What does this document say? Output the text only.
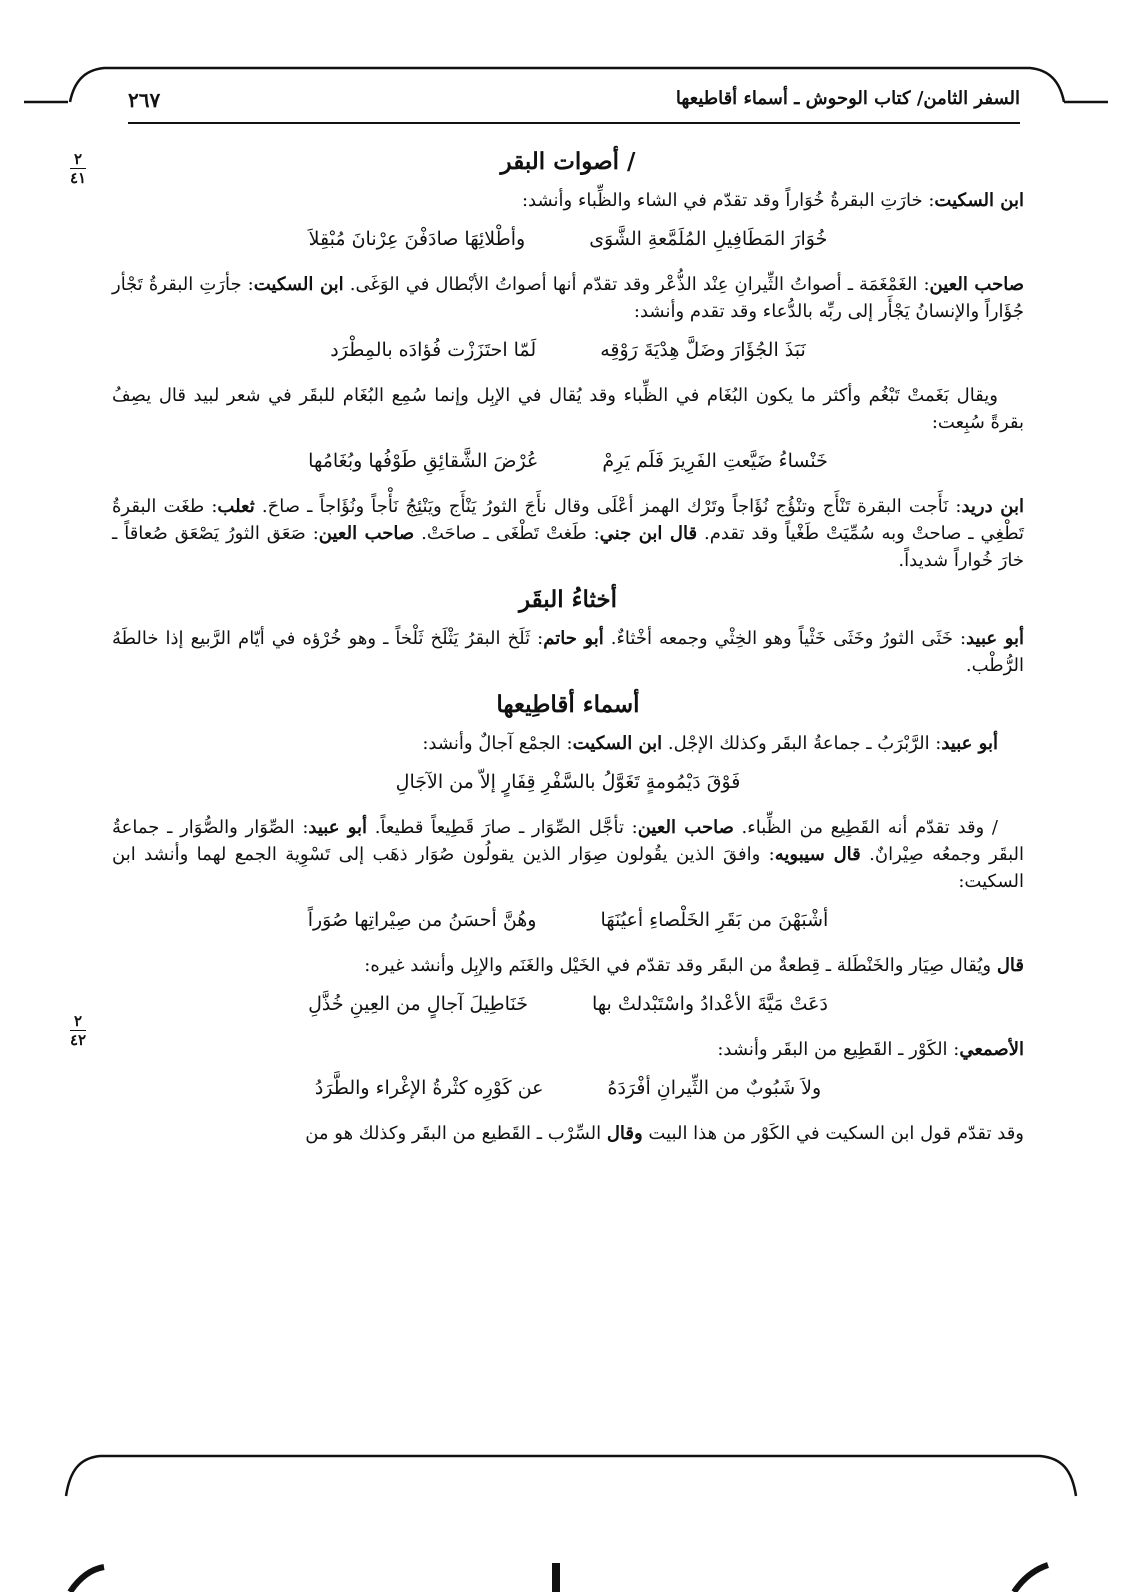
٢٦٧	السفر الثامن/ كتاب الوحوش ـ أسماء أقاطيعها
٢
٤١
٢
٤٢
/ أصوات البقر

ابن السكيت: خارَتِ البقرةُ خُوَاراً وقد تقدّم في الشاء والظِّباء وأنشد:

خُوَارَ المَطَافِيلِ المُلَمَّعةِ الشَّوَى
وأطْلائِهَا صادَفْنَ عِرْنانَ مُبْقِلاَ

صاحب العين: الغَمْغَمَة ـ أصواتُ الثِّيرانِ عِنْد الذُّعْر وقد تقدّم أنها أصواتُ الأبْطال في الوَغَى. ابن السكيت: جأرَتِ البقرةُ تَجْأر جُؤَاراً والإنسانُ يَجْأَر إلى ربِّه بالدُّعاء وقد تقدم وأنشد:

نَبَذَ الجُؤَارَ وضَلَّ هِدْيَةَ رَوْقِه
لَمّا احتَزَزْت فُؤادَه بالمِطْرَد

ويقال بَغَمتْ تَبْغُم وأكثر ما يكون البُغَام في الظِّباء وقد يُقال في الإبِل وإنما سُمِع البُغَام للبقَر في شعر لبيد قال يصِفُ بقرةً سُبِعت:

خَنْساءُ ضَيَّعتِ الفَرِيرَ فَلَم يَرِمْ
عُرْضَ الشَّقائِقِ طَوْفُها وبُغَامُها

ابن دريد: نَأَجت البقرة تَنْأَج وتنْؤُج نُؤَاجاً وتَرْك الهمز أعْلَى وقال نأَجَ الثورُ يَنْأَج ويَنْئِجُ نَأْجاً ونُؤَاجاً ـ صاحَ. ثعلب: طغَت البقرةُ تَطْغِي ـ صاحتْ وبه سُمِّيَتْ طَغْياً وقد تقدم. قال ابن جني: طَغتْ تَطْغَى ـ صاحَتْ. صاحب العين: صَعَق الثورُ يَصْعَق صُعاقاً ـ خارَ خُواراً شديداً.

أخثاءُ البقَر

أبو عبيد: خَثَى الثورُ وخَثَى خَثْياً وهو الخِثْي وجمعه أخْثاءٌ. أبو حاتم: ثَلَخ البقرُ يَثْلَخ ثَلْخاً ـ وهو خُرْؤه في أيّام الرَّبيع إذا خالطَهُ الرُّطْب.

أسماء أقاطِيعها

أبو عبيد: الرَّبْرَبُ ـ جماعةُ البقَر وكذلك الإجْل. ابن السكيت: الجمْع آجالٌ وأنشد:

فَوْقَ دَيْمُومةٍ تَغَوَّلُ بالسَّفْرِ قِفَارٍ إلاّ من الآجَالِ

/ وقد تقدّم أنه القَطِيع من الظِّباء. صاحب العين: تأجَّل الصِّوَار ـ صارَ قَطِيعاً قطيعاً. أبو عبيد: الصِّوَار والصُّوَار ـ جماعةُ البقَر وجمعُه صِيْرانٌ. قال سيبويه: وافقَ الذين يقُولون صِوَار الذين يقولُون صُوَار ذهَب إلى تَسْوِية الجمع لهما وأنشد ابن السكيت:

أشْبَهْنَ من بَقَرِ الخَلْصاءِ أعيُنَهَا
وهُنَّ أحسَنُ من صِيْراتِها صُوَراً

قال ويُقال صِيَار والخَنْطَلة ـ قِطعةٌ من البقَر وقد تقدّم في الخَيْل والغَنَم والإبِل وأنشد غيره:

دَعَتْ مَيَّةَ الأعْدادُ واسْتَبْدلتْ بها
خَنَاطِيلَ آجالٍ من العِينِ خُذَّلِ

الأصمعي: الكَوْر ـ القَطِيع من البقَر وأنشد:

ولاَ شَبُوبٌ من الثِّيرانِ أفْرَدَهُ
عن كَوْرِه كثْرةُ الإغْراء والطَّرَدُ

وقد تقدّم قول ابن السكيت في الكَوْر من هذا البيت وقال السِّرْب ـ القَطيع من البقَر وكذلك هو من
